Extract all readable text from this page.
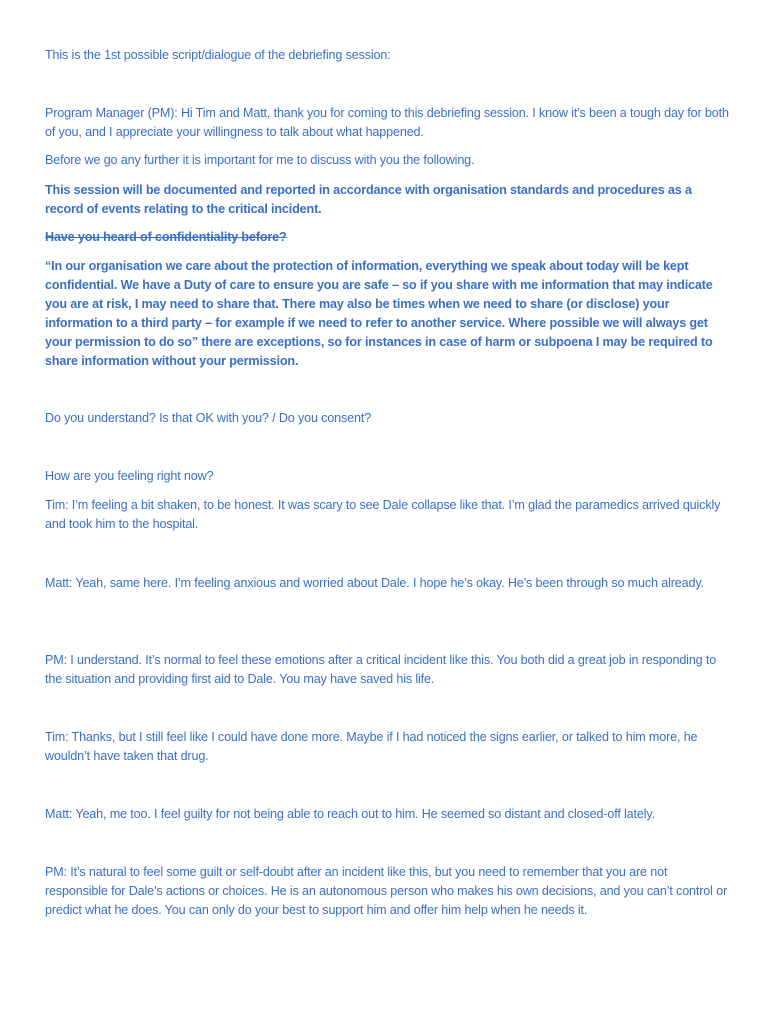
This is the 1st possible script/dialogue of the debriefing session:

Program Manager (PM): Hi Tim and Matt, thank you for coming to this debriefing session. I know it’s been a tough day for both of you, and I appreciate your willingness to talk about what happened.

Before we go any further it is important for me to discuss with you the following.

This session will be documented and reported in accordance with organisation standards and procedures as a record of events relating to the critical incident.

Have you heard of confidentiality before?

“In our organisation we care about the protection of information, everything we speak about today will be kept confidential. We have a Duty of care to ensure you are safe – so if you share with me information that may indicate you are at risk, I may need to share that. There may also be times when we need to share (or disclose) your information to a third party – for example if we need to refer to another service. Where possible we will always get your permission to do so” there are exceptions, so for instances in case of harm or subpoena I may be required to share information without your permission.

Do you understand? Is that OK with you? / Do you consent?

How are you feeling right now?

Tim: I’m feeling a bit shaken, to be honest. It was scary to see Dale collapse like that. I’m glad the paramedics arrived quickly and took him to the hospital.

Matt: Yeah, same here. I’m feeling anxious and worried about Dale. I hope he’s okay. He’s been through so much already.

PM: I understand. It’s normal to feel these emotions after a critical incident like this. You both did a great job in responding to the situation and providing first aid to Dale. You may have saved his life.

Tim: Thanks, but I still feel like I could have done more. Maybe if I had noticed the signs earlier, or talked to him more, he wouldn’t have taken that drug.

Matt: Yeah, me too. I feel guilty for not being able to reach out to him. He seemed so distant and closed-off lately.

PM: It’s natural to feel some guilt or self-doubt after an incident like this, but you need to remember that you are not responsible for Dale’s actions or choices. He is an autonomous person who makes his own decisions, and you can’t control or predict what he does. You can only do your best to support him and offer him help when he needs it.
